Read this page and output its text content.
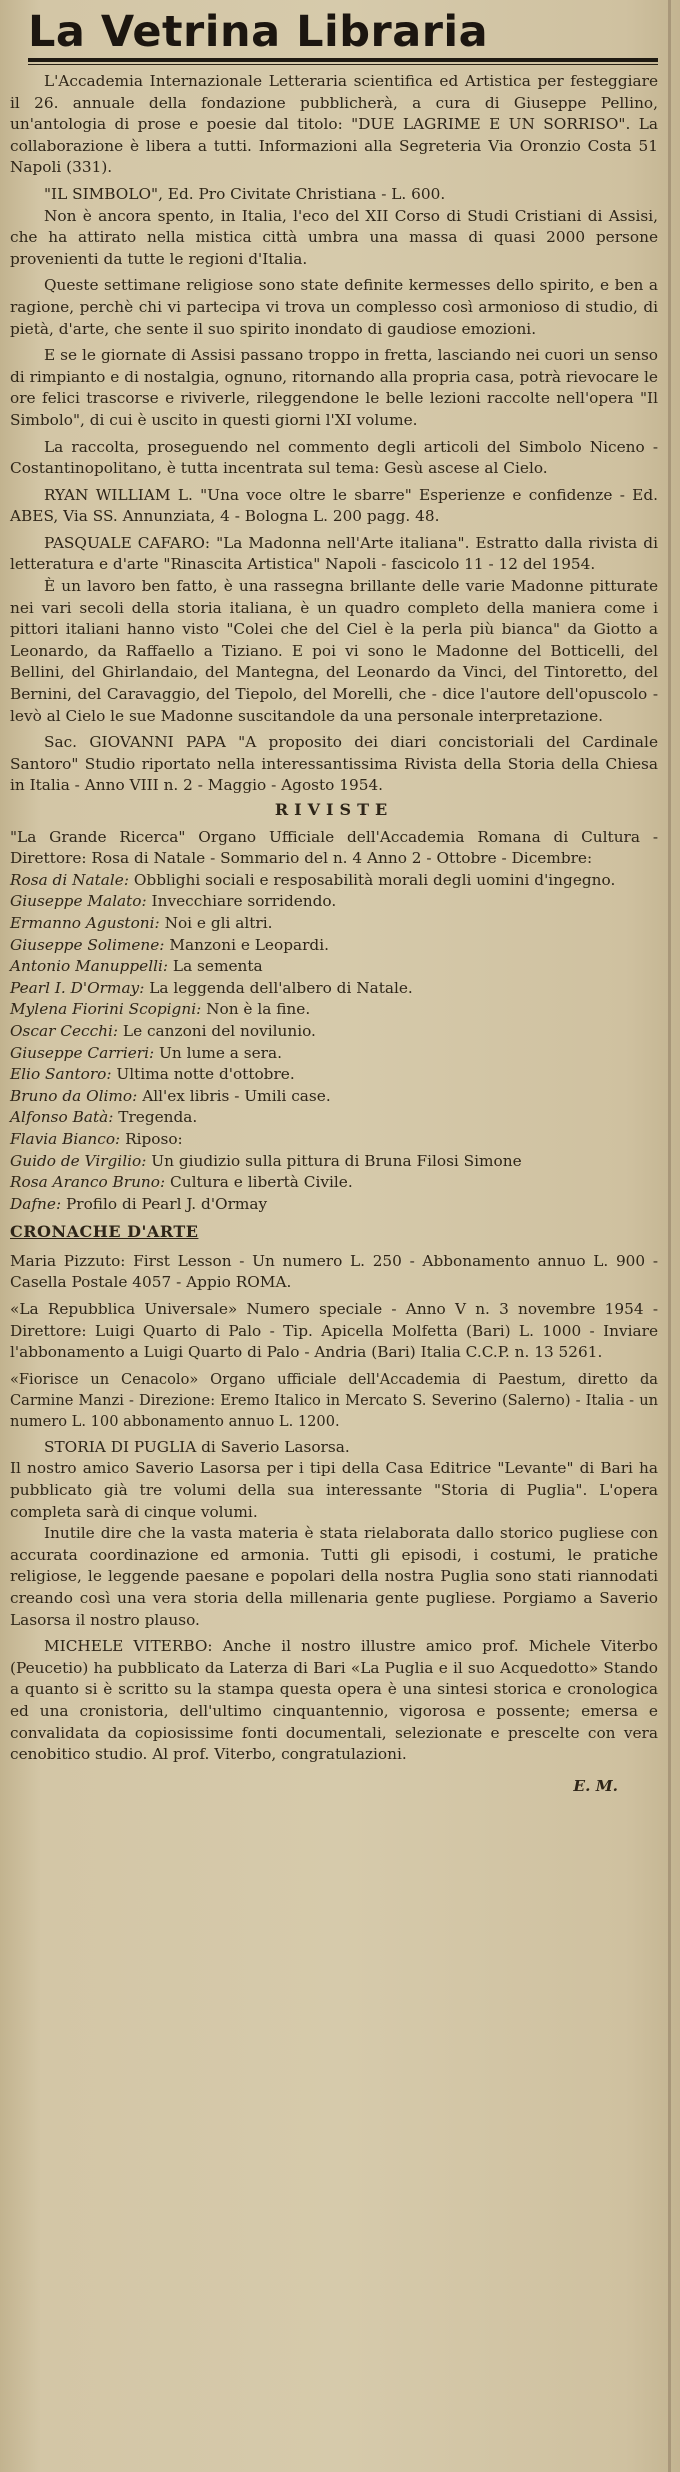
La Vetrina Libraria

L'Accademia Internazionale Letteraria scientifica ed Artistica per festeggiare il 26. annuale della fondazione pubblicherà, a cura di Giuseppe Pellino, un'antologia di prose e poesie dal titolo: "DUE LAGRIME E UN SORRISO". La collaborazione è libera a tutti. Informazioni alla Segreteria Via Oronzio Costa 51 Napoli (331).

"IL SIMBOLO", Ed. Pro Civitate Christiana - L. 600.

Non è ancora spento, in Italia, l'eco del XII Corso di Studi Cristiani di Assisi, che ha attirato nella mistica città umbra una massa di quasi 2000 persone provenienti da tutte le regioni d'Italia.

Queste settimane religiose sono state definite kermesses dello spirito, e ben a ragione, perchè chi vi partecipa vi trova un complesso così armonioso di studio, di pietà, d'arte, che sente il suo spirito inondato di gaudiose emozioni.

E se le giornate di Assisi passano troppo in fretta, lasciando nei cuori un senso di rimpianto e di nostalgia, ognuno, ritornando alla propria casa, potrà rievocare le ore felici trascorse e riviverle, rileggendone le belle lezioni raccolte nell'opera "Il Simbolo", di cui è uscito in questi giorni l'XI volume.

La raccolta, proseguendo nel commento degli articoli del Simbolo Niceno - Costantinopolitano, è tutta incentrata sul tema: Gesù ascese al Cielo.

RYAN WILLIAM L. "Una voce oltre le sbarre" Esperienze e confidenze - Ed. ABES, Via SS. Annunziata, 4 - Bologna L. 200 pagg. 48.

PASQUALE CAFARO: "La Madonna nell'Arte italiana". Estratto dalla rivista di letteratura e d'arte "Rinascita Artistica" Napoli - fascicolo 11 - 12 del 1954.

È un lavoro ben fatto, è una rassegna brillante delle varie Madonne pitturate nei vari secoli della storia italiana, è un quadro completo della maniera come i pittori italiani hanno visto "Colei che del Ciel è la perla più bianca" da Giotto a Leonardo, da Raffaello a Tiziano. E poi vi sono le Madonne del Botticelli, del Bellini, del Ghirlandaio, del Mantegna, del Leonardo da Vinci, del Tintoretto, del Bernini, del Caravaggio, del Tiepolo, del Morelli, che - dice l'autore dell'opuscolo - levò al Cielo le sue Madonne suscitandole da una personale interpretazione.

Sac. GIOVANNI PAPA "A proposito dei diari concistoriali del Cardinale Santoro" Studio riportato nella interessantissima Rivista della Storia della Chiesa in Italia - Anno VIII n. 2 - Maggio - Agosto 1954.

RIVISTE

"La Grande Ricerca" Organo Ufficiale dell'Accademia Romana di Cultura - Direttore: Rosa di Natale - Sommario del n. 4 Anno 2 - Ottobre - Dicembre:

Rosa di Natale: Obblighi sociali e resposabilità morali degli uomini d'ingegno.
Giuseppe Malato: Invecchiare sorridendo.
Ermanno Agustoni: Noi e gli altri.
Giuseppe Solimene: Manzoni e Leopardi.
Antonio Manuppelli: La sementa
Pearl I. D'Ormay: La leggenda dell'albero di Natale.
Mylena Fiorini Scopigni: Non è la fine.
Oscar Cecchi: Le canzoni del novilunio.
Giuseppe Carrieri: Un lume a sera.
Elio Santoro: Ultima notte d'ottobre.
Bruno da Olimo: All'ex libris - Umili case.
Alfonso Batà: Tregenda.
Flavia Bianco: Riposo:
Guido de Virgilio: Un giudizio sulla pittura di Bruna Filosi Simone
Rosa Aranco Bruno: Cultura e libertà Civile.
Dafne: Profilo di Pearl J. d'Ormay
CRONACHE D'ARTE

Maria Pizzuto: First Lesson - Un numero L. 250 - Abbonamento annuo L. 900 - Casella Postale 4057 - Appio ROMA.

«La Repubblica Universale» Numero speciale - Anno V n. 3 novembre 1954 - Direttore: Luigi Quarto di Palo - Tip. Apicella Molfetta (Bari) L. 1000 - Inviare l'abbonamento a Luigi Quarto di Palo - Andria (Bari) Italia C.C.P. n. 13 5261.

«Fiorisce un Cenacolo» Organo ufficiale dell'Accademia di Paestum, diretto da Carmine Manzi - Direzione: Eremo Italico in Mercato S. Severino (Salerno) - Italia - un numero L. 100 abbonamento annuo L. 1200.

STORIA DI PUGLIA di Saverio Lasorsa.

Il nostro amico Saverio Lasorsa per i tipi della Casa Editrice "Levante" di Bari ha pubblicato già tre volumi della sua interessante "Storia di Puglia". L'opera completa sarà di cinque volumi.

Inutile dire che la vasta materia è stata rielaborata dallo storico pugliese con accurata coordinazione ed armonia. Tutti gli episodi, i costumi, le pratiche religiose, le leggende paesane e popolari della nostra Puglia sono stati riannodati creando così una vera storia della millenaria gente pugliese. Porgiamo a Saverio Lasorsa il nostro plauso.

MICHELE VITERBO: Anche il nostro illustre amico prof. Michele Viterbo (Peucetio) ha pubblicato da Laterza di Bari «La Puglia e il suo Acquedotto» Stando a quanto si è scritto su la stampa questa opera è una sintesi storica e cronologica ed una cronistoria, dell'ultimo cinquantennio, vigorosa e possente; emersa e convalidata da copiosissime fonti documentali, selezionate e prescelte con vera cenobitico studio. Al prof. Viterbo, congratulazioni.

E. M.
